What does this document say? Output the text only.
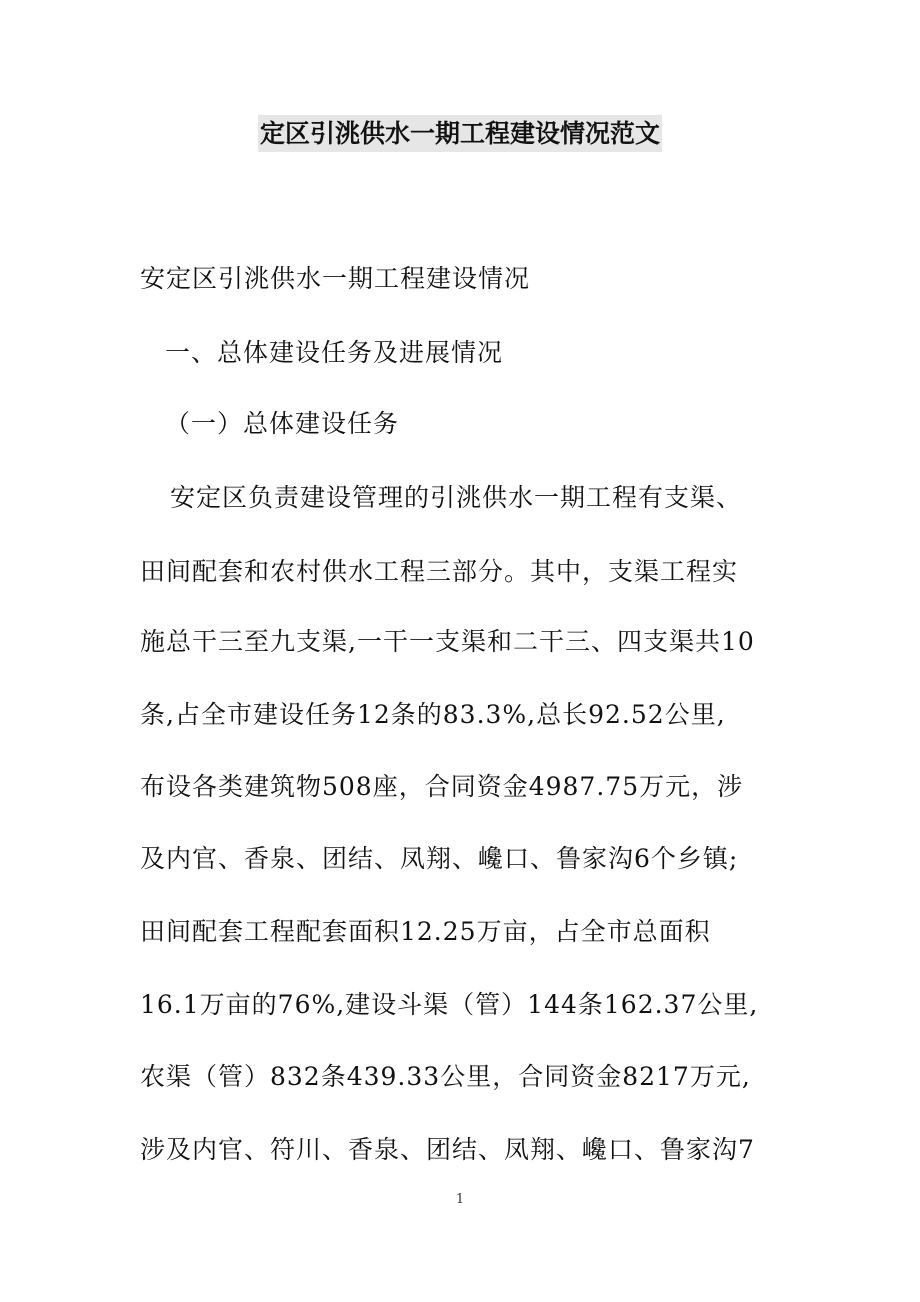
定区引洮供水一期工程建设情况范文
安定区引洮供水一期工程建设情况
一、总体建设任务及进展情况
（一）总体建设任务
安定区负责建设管理的引洮供水一期工程有支渠、
田间配套和农村供水工程三部分。其中，支渠工程实
施总干三至九支渠,一干一支渠和二干三、四支渠共10
条,占全市建设任务12条的83.3%,总长92.52公里,
布设各类建筑物508座，合同资金4987.75万元，涉
及内官、香泉、团结、凤翔、巉口、鲁家沟6个乡镇;
田间配套工程配套面积12.25万亩，占全市总面积
16.1万亩的76%,建设斗渠（管）144条162.37公里,
农渠（管）832条439.33公里，合同资金8217万元,
涉及内官、符川、香泉、团结、凤翔、巉口、鲁家沟7
1
